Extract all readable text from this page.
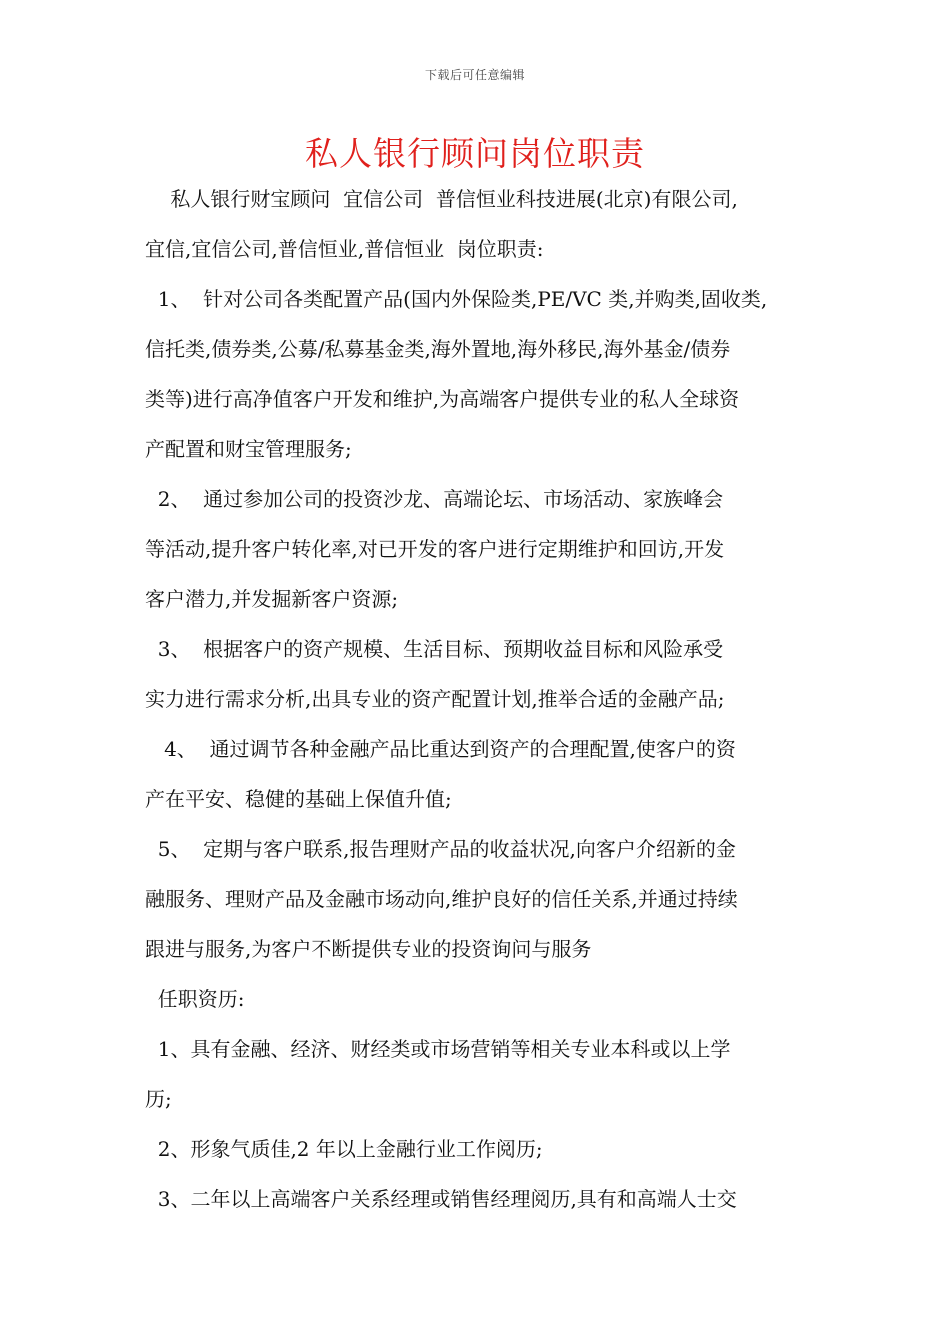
下载后可任意编辑
私人银行顾问岗位职责
私人银行财宝顾问  宜信公司  普信恒业科技进展(北京)有限公司,
宜信,宜信公司,普信恒业,普信恒业  岗位职责:
1、  针对公司各类配置产品(国内外保险类,PE/VC 类,并购类,固收类,
信托类,债券类,公募/私募基金类,海外置地,海外移民,海外基金/债券
类等)进行高净值客户开发和维护,为高端客户提供专业的私人全球资
产配置和财宝管理服务;
2、  通过参加公司的投资沙龙、高端论坛、市场活动、家族峰会
等活动,提升客户转化率,对已开发的客户进行定期维护和回访,开发
客户潜力,并发掘新客户资源;
3、  根据客户的资产规模、生活目标、预期收益目标和风险承受
实力进行需求分析,出具专业的资产配置计划,推举合适的金融产品;
4、  通过调节各种金融产品比重达到资产的合理配置,使客户的资
产在平安、稳健的基础上保值升值;
5、  定期与客户联系,报告理财产品的收益状况,向客户介绍新的金
融服务、理财产品及金融市场动向,维护良好的信任关系,并通过持续
跟进与服务,为客户不断提供专业的投资询问与服务
任职资历:
1、具有金融、经济、财经类或市场营销等相关专业本科或以上学
历;
2、形象气质佳,2 年以上金融行业工作阅历;
3、二年以上高端客户关系经理或销售经理阅历,具有和高端人士交
